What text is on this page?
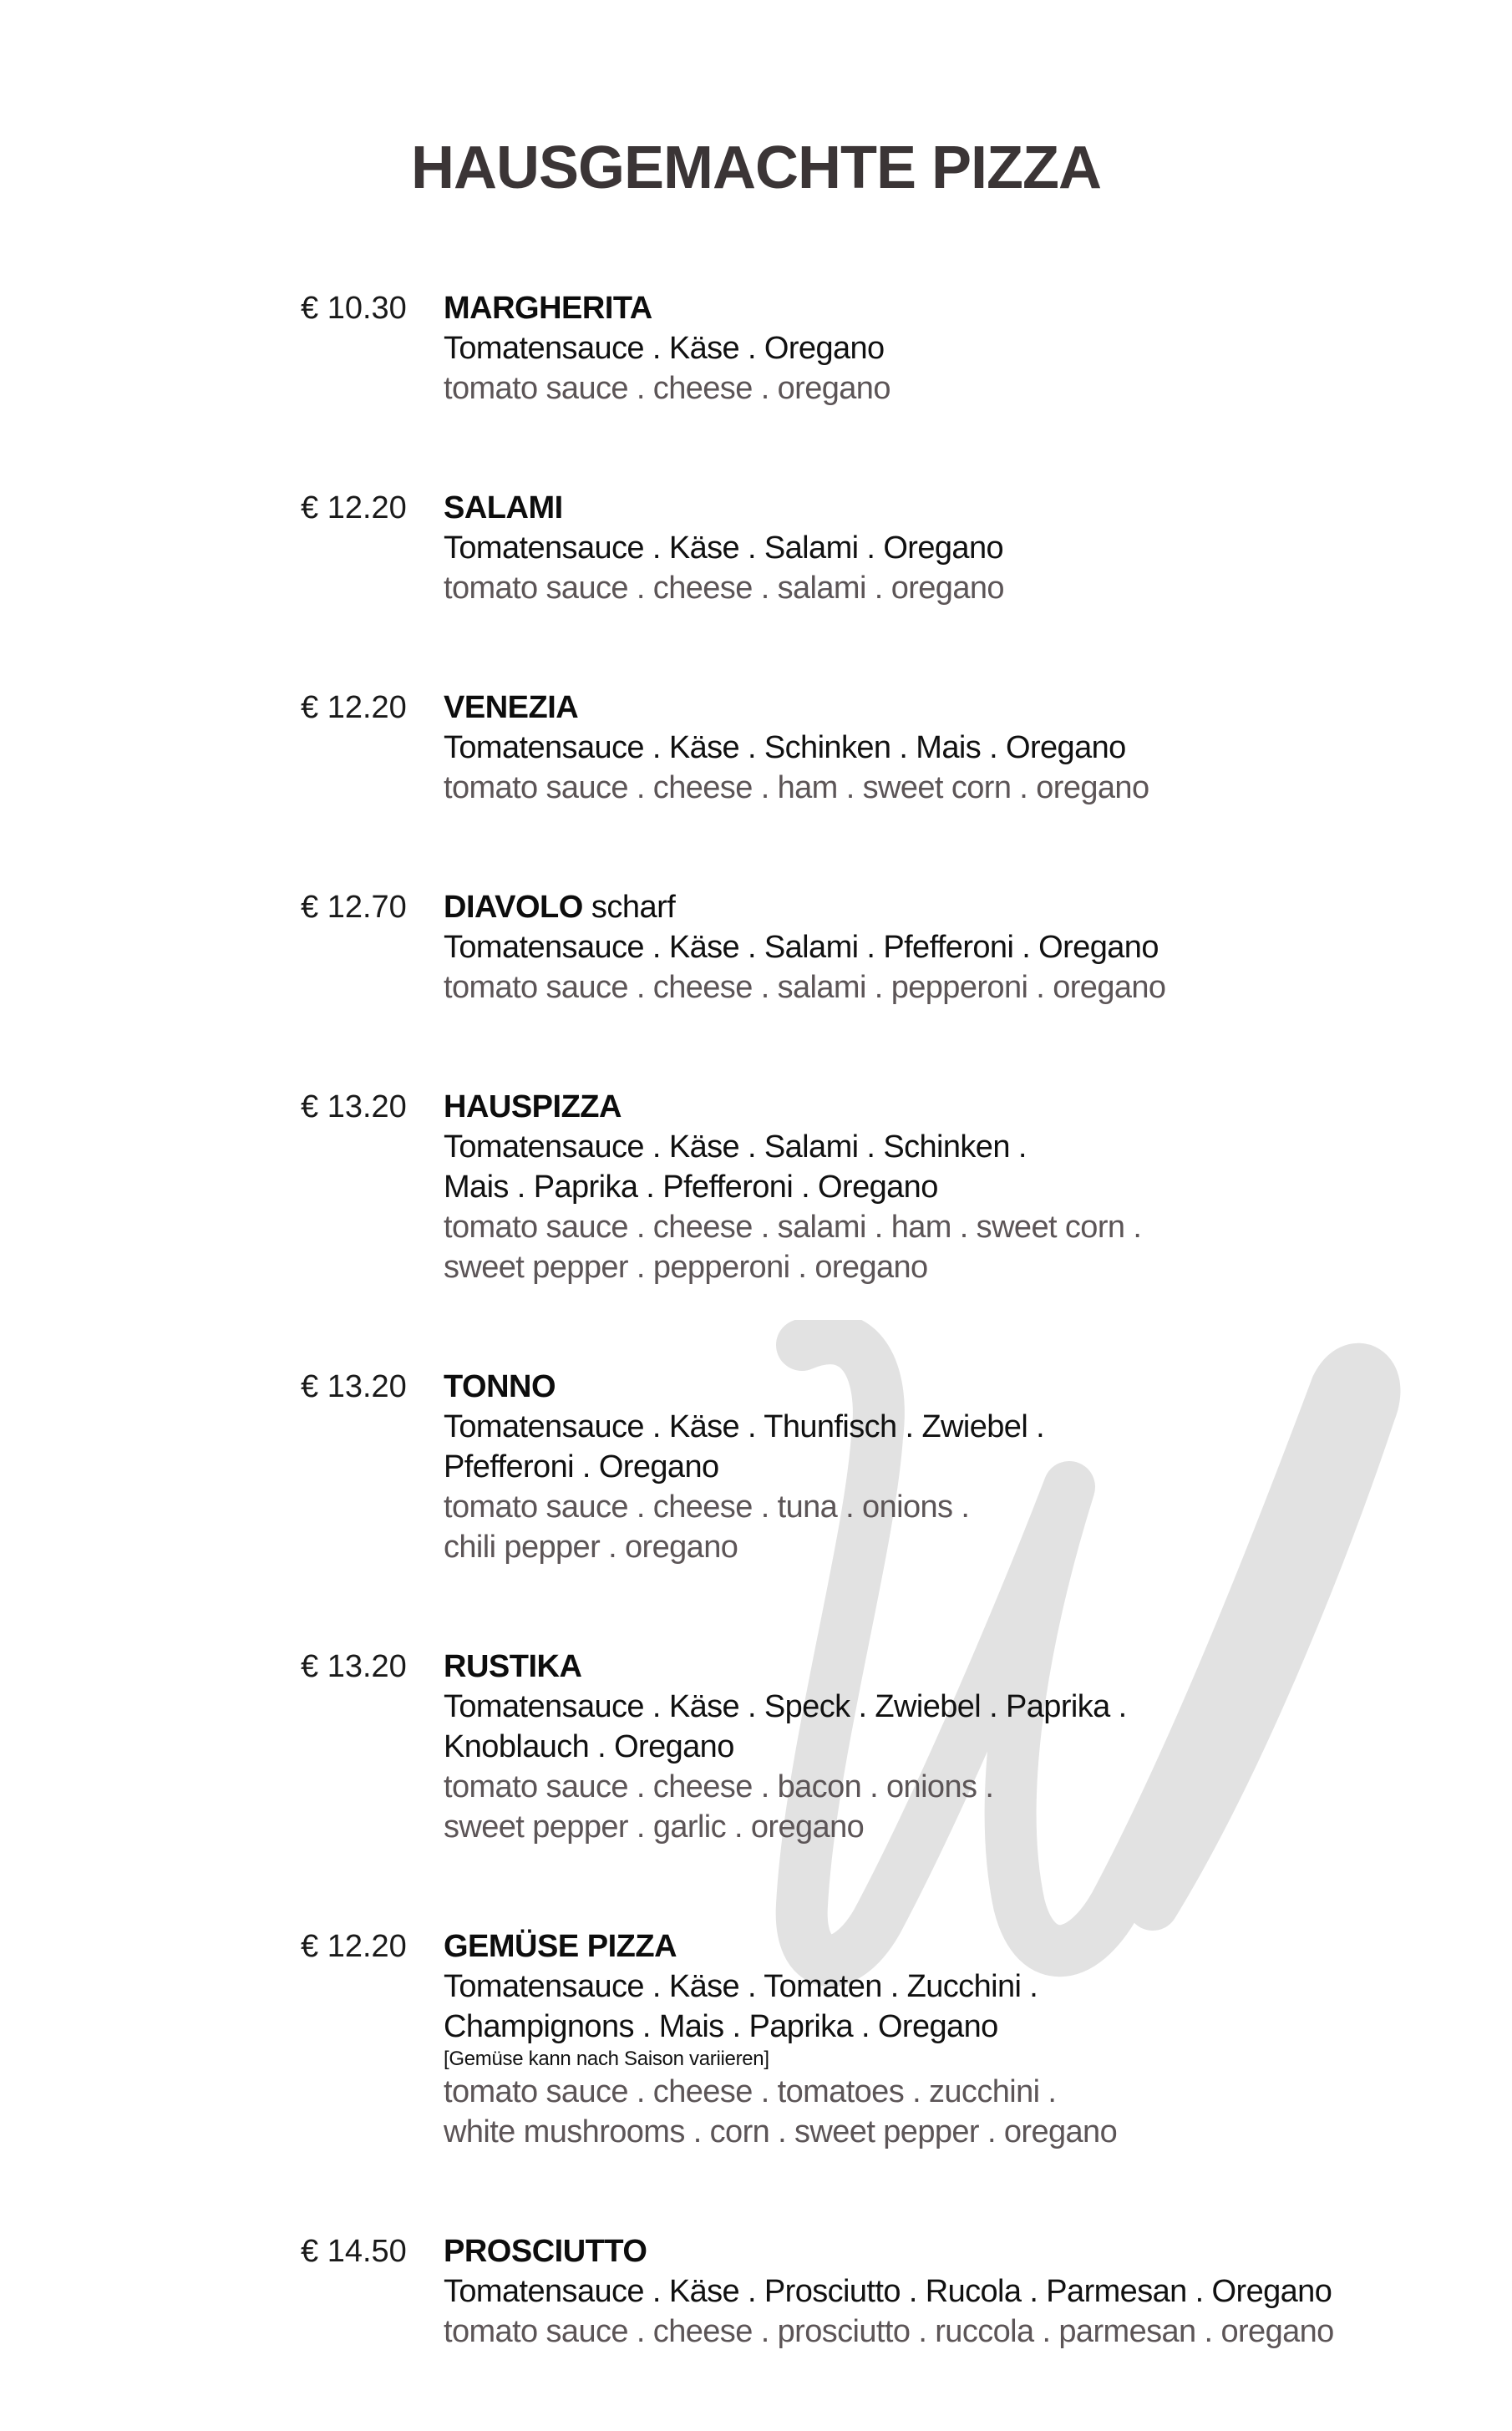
HAUSGEMACHTE PIZZA
€ 10.30 MARGHERITA
Tomatensauce . Käse . Oregano
tomato sauce . cheese . oregano
€ 12.20 SALAMI
Tomatensauce . Käse . Salami . Oregano
tomato sauce . cheese . salami . oregano
€ 12.20 VENEZIA
Tomatensauce . Käse . Schinken . Mais . Oregano
tomato sauce . cheese . ham . sweet corn . oregano
€ 12.70 DIAVOLO scharf
Tomatensauce . Käse . Salami . Pfefferoni . Oregano
tomato sauce . cheese . salami . pepperoni . oregano
€ 13.20 HAUSPIZZA
Tomatensauce . Käse . Salami . Schinken .
Mais . Paprika . Pfefferoni . Oregano
tomato sauce . cheese . salami . ham . sweet corn .
sweet pepper . pepperoni . oregano
€ 13.20 TONNO
Tomatensauce . Käse . Thunfisch . Zwiebel .
Pfefferoni . Oregano
tomato sauce . cheese . tuna . onions .
chili pepper . oregano
€ 13.20 RUSTIKA
Tomatensauce . Käse . Speck . Zwiebel . Paprika .
Knoblauch . Oregano
tomato sauce . cheese . bacon . onions .
sweet pepper . garlic . oregano
€ 12.20 GEMÜSE PIZZA
Tomatensauce . Käse . Tomaten . Zucchini .
Champignons . Mais . Paprika . Oregano
[Gemüse kann nach Saison variieren]
tomato sauce . cheese . tomatoes . zucchini .
white mushrooms . corn . sweet pepper . oregano
€ 14.50 PROSCIUTTO
Tomatensauce . Käse . Prosciutto . Rucola . Parmesan . Oregano
tomato sauce . cheese . prosciutto . ruccola . parmesan . oregano
